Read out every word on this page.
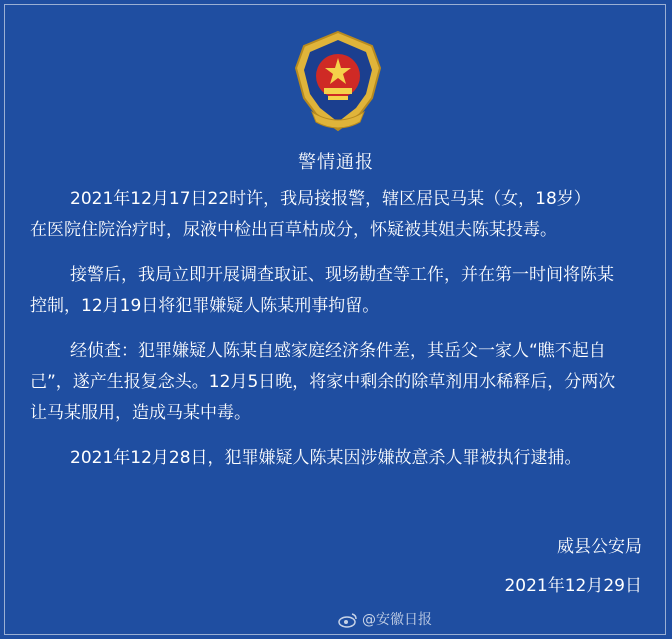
警情通报
2021年12月17日22时许，我局接报警，辖区居民马某（女，18岁）
在医院住院治疗时，尿液中检出百草枯成分，怀疑被其姐夫陈某投毒。
接警后，我局立即开展调查取证、现场勘查等工作，并在第一时间将陈某
控制，12月19日将犯罪嫌疑人陈某刑事拘留。
经侦查：犯罪嫌疑人陈某自感家庭经济条件差，其岳父一家人“瞧不起自
己”，遂产生报复念头。12月5日晚，将家中剩余的除草剂用水稀释后，分两次
让马某服用，造成马某中毒。
2021年12月28日，犯罪嫌疑人陈某因涉嫌故意杀人罪被执行逮捕。
威县公安局
2021年12月29日
@安徽日报
